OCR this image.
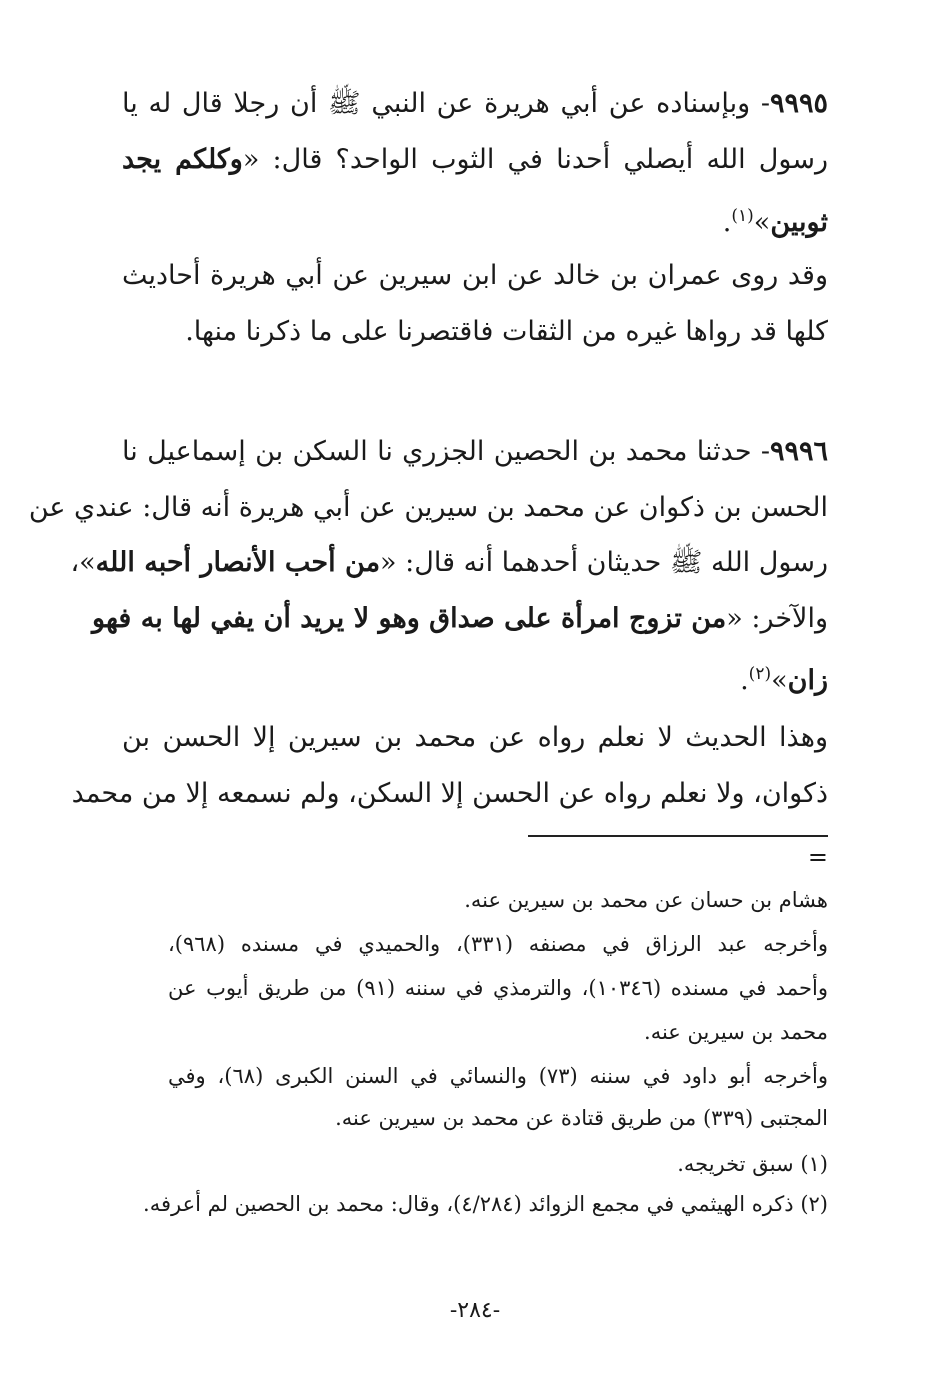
٩٩٩٥- وبإسناده عن أبي هريرة عن النبي ﷺ أن رجلا قال له يا
رسول الله أيصلي أحدنا في الثوب الواحد؟ قال: «وكلكم يجد
ثوبين»$^{(١)}$.
وقد روى عمران بن خالد عن ابن سيرين عن أبي هريرة أحاديث
كلها قد رواها غيره من الثقات فاقتصرنا على ما ذكرنا منها.
٩٩٩٦- حدثنا محمد بن الحصين الجزري نا السكن بن إسماعيل نا
الحسن بن ذكوان عن محمد بن سيرين عن أبي هريرة أنه قال: عندي عن
رسول الله ﷺ حديثان أحدهما أنه قال: «من أحب الأنصار أحبه الله»،
والآخر: «من تزوج امرأة على صداق وهو لا يريد أن يفي لها به فهو
زان»$^{(٢)}$.
وهذا الحديث لا نعلم رواه عن محمد بن سيرين إلا الحسن بن
ذكوان، ولا نعلم رواه عن الحسن إلا السكن، ولم نسمعه إلا من محمد
=
هشام بن حسان عن محمد بن سيرين عنه.
وأخرجه عبد الرزاق في مصنفه (٣٣١)، والحميدي في مسنده (٩٦٨)،
وأحمد في مسنده (١٠٣٤٦)، والترمذي في سننه (٩١) من طريق أيوب عن
محمد بن سيرين عنه.
وأخرجه أبو داود في سننه (٧٣) والنسائي في السنن الكبرى (٦٨)، وفي
المجتبى (٣٣٩) من طريق قتادة عن محمد بن سيرين عنه.
(١) سبق تخريجه.
(٢) ذكره الهيثمي في مجمع الزوائد (٤/٢٨٤)، وقال: محمد بن الحصين لم أعرفه.
-٢٨٤-
